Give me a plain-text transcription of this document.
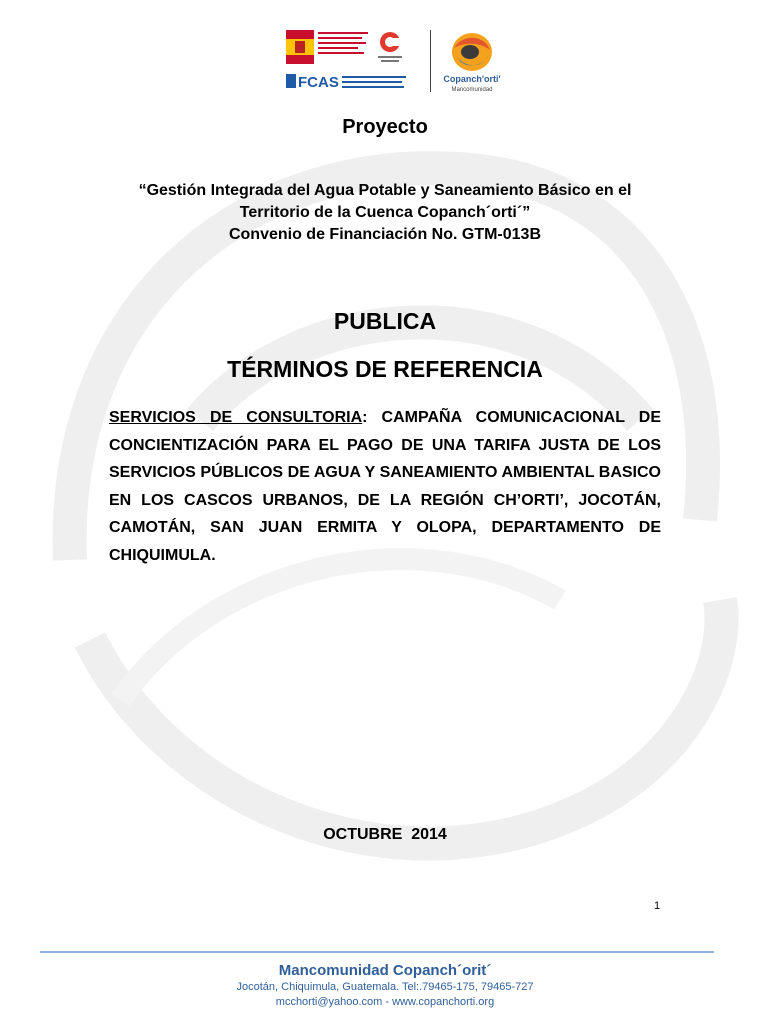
FCAS	Copanch'orti'
Mancomunidad
Proyecto
“Gestión Integrada del Agua Potable y Saneamiento Básico en el
Territorio de la Cuenca Copanch´orti´”
Convenio de Financiación No. GTM-013B
PUBLICA
TÉRMINOS DE REFERENCIA
SERVICIOS DE CONSULTORIA: CAMPAÑA COMUNICACIONAL DE CONCIENTIZACIÓN PARA EL PAGO DE UNA TARIFA JUSTA DE LOS SERVICIOS PÚBLICOS DE AGUA Y SANEAMIENTO AMBIENTAL BASICO EN LOS CASCOS URBANOS, DE LA REGIÓN CH’ORTI’, JOCOTÁN, CAMOTÁN, SAN JUAN ERMITA Y OLOPA, DEPARTAMENTO DE CHIQUIMULA.
OCTUBRE  2014
1
Mancomunidad Copanch´orit´
Jocotán, Chiquimula, Guatemala. Tel:.79465-175, 79465-727
mcchorti@yahoo.com - www.copanchorti.org
